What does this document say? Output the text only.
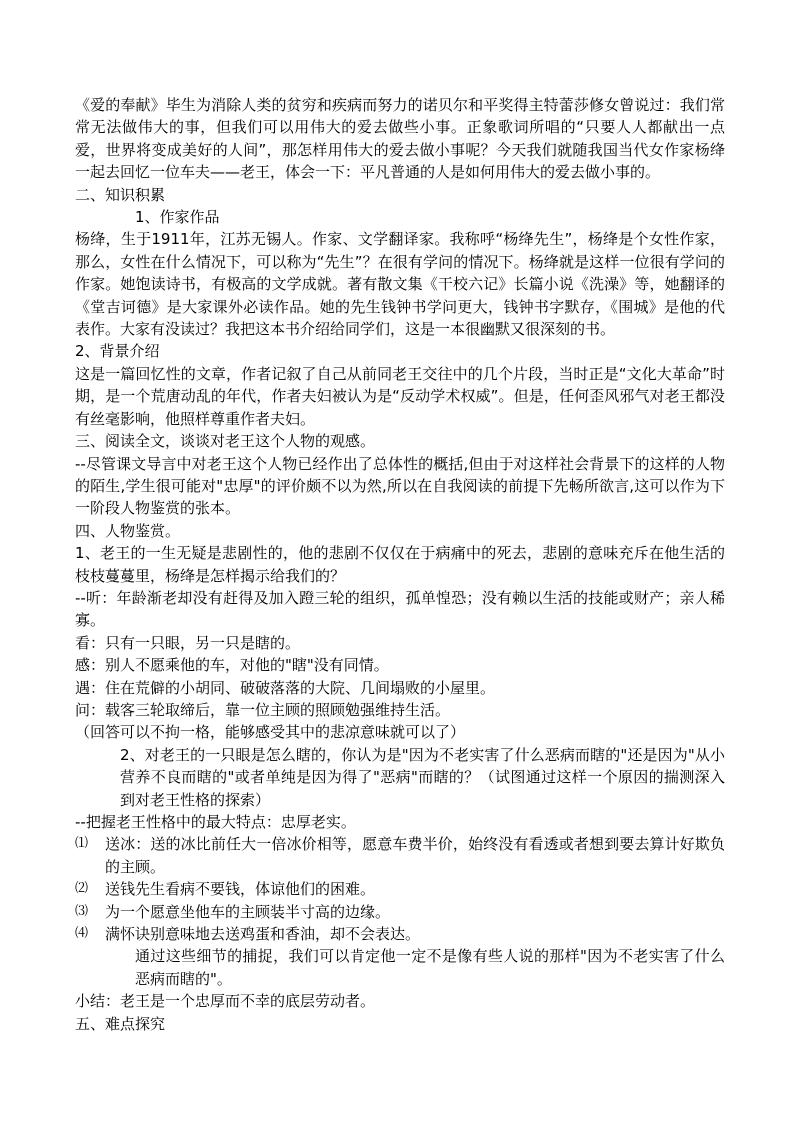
《爱的奉献》毕生为消除人类的贫穷和疾病而努力的诺贝尔和平奖得主特蕾莎修女曾说过：我们常常无法做伟大的事，但我们可以用伟大的爱去做些小事。正象歌词所唱的“只要人人都献出一点爱，世界将变成美好的人间”，那怎样用伟大的爱去做小事呢？今天我们就随我国当代女作家杨绛一起去回忆一位车夫——老王，体会一下：平凡普通的人是如何用伟大的爱去做小事的。

二、知识积累

1、作家作品

杨绛，生于1911年，江苏无锡人。作家、文学翻译家。我称呼“杨绛先生”，杨绛是个女性作家，那么，女性在什么情况下，可以称为“先生”？在很有学问的情况下。杨绛就是这样一位很有学问的作家。她饱读诗书，有极高的文学成就。著有散文集《干校六记》长篇小说《洗澡》等，她翻译的《堂吉诃德》是大家课外必读作品。她的先生钱钟书学问更大，钱钟书字默存，《围城》是他的代表作。大家有没读过？我把这本书介绍给同学们，这是一本很幽默又很深刻的书。

2、背景介绍

这是一篇回忆性的文章，作者记叙了自己从前同老王交往中的几个片段，当时正是“文化大革命”时期，是一个荒唐动乱的年代，作者夫妇被认为是“反动学术权威”。但是，任何歪风邪气对老王都没有丝毫影响，他照样尊重作者夫妇。

三、阅读全文，谈谈对老王这个人物的观感。

--尽管课文导言中对老王这个人物已经作出了总体性的概括,但由于对这样社会背景下的这样的人物的陌生,学生很可能对"忠厚"的评价颇不以为然,所以在自我阅读的前提下先畅所欲言,这可以作为下一阶段人物鉴赏的张本。

四、人物鉴赏。

1、老王的一生无疑是悲剧性的，他的悲剧不仅仅在于病痛中的死去，悲剧的意味充斥在他生活的枝枝蔓蔓里，杨绛是怎样揭示给我们的？

--听：年龄渐老却没有赶得及加入蹬三轮的组织，孤单惶恐；没有赖以生活的技能或财产；亲人稀寡。

看：只有一只眼，另一只是瞎的。

感：别人不愿乘他的车，对他的"瞎"没有同情。

遇：住在荒僻的小胡同、破破落落的大院、几间塌败的小屋里。

问：载客三轮取缔后，靠一位主顾的照顾勉强维持生活。

（回答可以不拘一格，能够感受其中的悲凉意味就可以了）

2、对老王的一只眼是怎么瞎的，你认为是"因为不老实害了什么恶病而瞎的"还是因为"从小营养不良而瞎的"或者单纯是因为得了"恶病"而瞎的？（试图通过这样一个原因的揣测深入到对老王性格的探索）

--把握老王性格中的最大特点：忠厚老实。

⑴	送冰：送的冰比前任大一倍冰价相等，愿意车费半价，始终没有看透或者想到要去算计好欺负的主顾。
⑵	送钱先生看病不要钱，体谅他们的困难。
⑶	为一个愿意坐他车的主顾装半寸高的边缘。
⑷	满怀诀别意味地去送鸡蛋和香油，却不会表达。

通过这些细节的捕捉，我们可以肯定他一定不是像有些人说的那样"因为不老实害了什么恶病而瞎的"。

小结：老王是一个忠厚而不幸的底层劳动者。

五、难点探究
